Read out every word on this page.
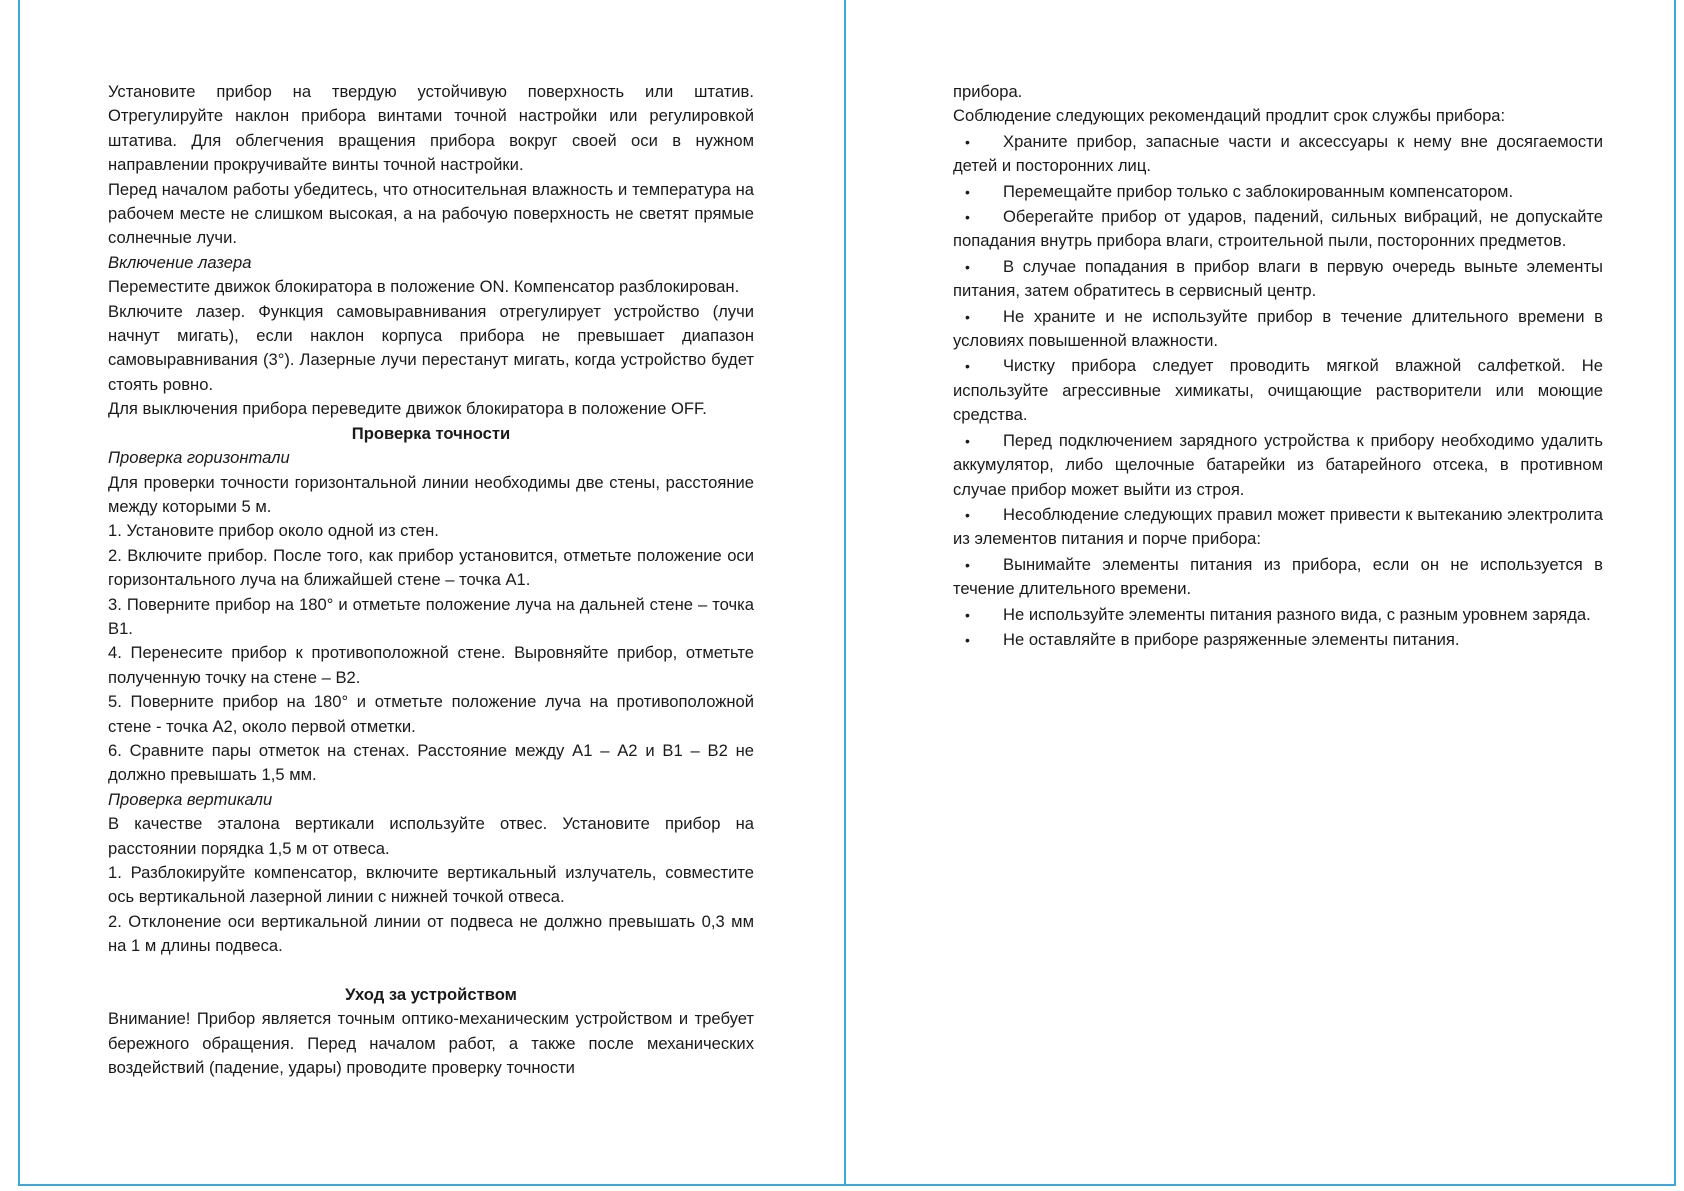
Установите прибор на твердую устойчивую поверхность или штатив. Отрегулируйте наклон прибора винтами точной настройки или регулировкой штатива. Для облегчения вращения прибора вокруг своей оси в нужном направлении прокручивайте винты точной настройки.

Перед началом работы убедитесь, что относительная влажность и температура на рабочем месте не слишком высокая, а на рабочую поверхность не светят прямые солнечные лучи.

Включение лазера

Переместите движок блокиратора в положение ON. Компенсатор разблокирован.

Включите лазер. Функция самовыравнивания отрегулирует устройство (лучи начнут мигать), если наклон корпуса прибора не превышает диапазон самовыравнивания (3°). Лазерные лучи перестанут мигать, когда устройство будет стоять ровно.

Для выключения прибора переведите движок блокиратора в положение OFF.

Проверка точности

Проверка горизонтали

Для проверки точности горизонтальной линии необходимы две стены, расстояние между которыми 5 м.

1. Установите прибор около одной из стен.

2. Включите прибор. После того, как прибор установится, отметьте положение оси горизонтального луча на ближайшей стене – точка А1.

3. Поверните прибор на 180° и отметьте положение луча на дальней стене – точка В1.

4. Перенесите прибор к противоположной стене. Выровняйте прибор, отметьте полученную точку на стене – В2.

5. Поверните прибор на 180° и отметьте положение луча на противоположной стене - точка А2, около первой отметки.

6. Сравните пары отметок на стенах. Расстояние между А1 – А2 и В1 – В2 не должно превышать 1,5 мм.

Проверка вертикали

В качестве эталона вертикали используйте отвес. Установите прибор на расстоянии порядка 1,5 м от отвеса.

1. Разблокируйте компенсатор, включите вертикальный излучатель, совместите ось вертикальной лазерной линии с нижней точкой отвеса.

2. Отклонение оси вертикальной линии от подвеса не должно превышать 0,3 мм на 1 м длины подвеса.

Уход за устройством

Внимание! Прибор является точным оптико-механическим устройством и требует бережного обращения. Перед началом работ, а также после механических воздействий (падение, удары) проводите проверку точности

прибора.

Соблюдение следующих рекомендаций продлит срок службы прибора:

• Храните прибор, запасные части и аксессуары к нему вне досягаемости детей и посторонних лиц.
• Перемещайте прибор только с заблокированным компенсатором.
• Оберегайте прибор от ударов, падений, сильных вибраций, не допускайте попадания внутрь прибора влаги, строительной пыли, посторонних предметов.
• В случае попадания в прибор влаги в первую очередь выньте элементы питания, затем обратитесь в сервисный центр.
• Не храните и не используйте прибор в течение длительного времени в условиях повышенной влажности.
• Чистку прибора следует проводить мягкой влажной салфеткой. Не используйте агрессивные химикаты, очищающие растворители или моющие средства.
• Перед подключением зарядного устройства к прибору необходимо удалить аккумулятор, либо щелочные батарейки из батарейного отсека, в противном случае прибор может выйти из строя.
• Несоблюдение следующих правил может привести к вытеканию электролита из элементов питания и порче прибора:
• Вынимайте элементы питания из прибора, если он не используется в течение длительного времени.
• Не используйте элементы питания разного вида, с разным уровнем заряда.
• Не оставляйте в приборе разряженные элементы питания.
